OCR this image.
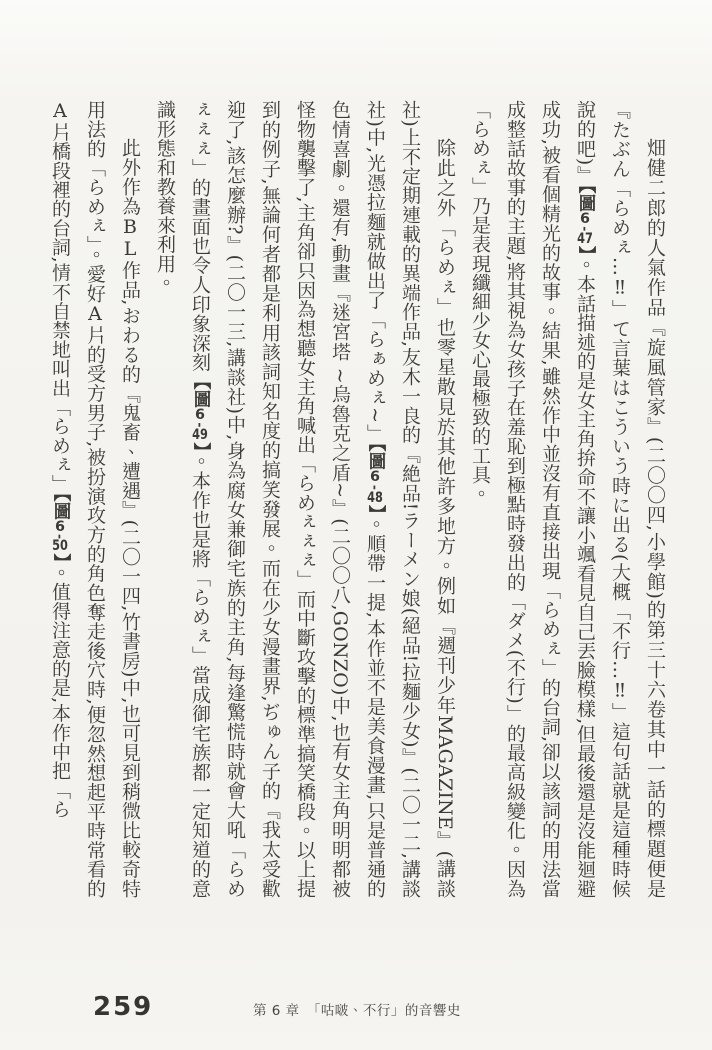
畑健二郎的人氣作品『旋風管家』(二〇〇四,小學館)的第三十六卷其中一話的標題便是『たぶん「らめぇ…‼」て言葉はこういう時に出る(大概「不行…‼」這句話就是這種時候說的吧)』【圖6-47】。本話描述的是女主角拚命不讓小颯看見自己丟臉模樣,但最後還是沒能迴避成功,被看個精光的故事。結果,雖然作中並沒有直接出現「らめぇ」的台詞,卻以該詞的用法當成整話故事的主題,將其視為女孩子在羞恥到極點時發出的「ダメ(不行)」的最高級變化。因為「らめぇ」乃是表現纖細少女心最極致的工具。

除此之外「らめぇ」也零星散見於其他許多地方。例如『週刊少年MAGAZINE』(講談社)上不定期連載的異端作品,友木一良的『絶品!ラーメン娘(絕品!拉麵少女)』(二〇一二,講談社)中,光憑拉麵就做出了「らぁめぇ~」【圖6-48】。順帶一提,本作並不是美食漫畫,只是普通的色情喜劇。還有,動畫『迷宮塔 ~烏魯克之盾~』(二〇〇八,GONZO)中,也有女主角明明都被怪物襲擊了,主角卻只因為想聽女主角喊出「らめぇぇぇ」而中斷攻擊的標準搞笑橋段。以上提到的例子,無論何者都是利用該詞知名度的搞笑發展。而在少女漫畫界,ぢゅん子的『我太受歡迎了,該怎麼辦?』(二〇一三,講談社)中,身為腐女兼御宅族的主角,每逢驚慌時就會大吼「らめぇぇぇ」的畫面也令人印象深刻【圖6-49】。本作也是將「らめぇ」當成御宅族都一定知道的意識形態和教養來利用。

此外作為BL作品,おわる的『鬼畜、遭遇』(二〇一四,竹書房)中,也可見到稍微比較奇特用法的「らめぇ」。愛好A片的受方男子,被扮演攻方的角色奪走後穴時,便忽然想起平時常看的A片橋段裡的台詞,情不自禁地叫出「らめぇ」【圖6-50】。值得注意的是,本作中把「ら

259	第 6 章　「咕啵、不行」的音響史
